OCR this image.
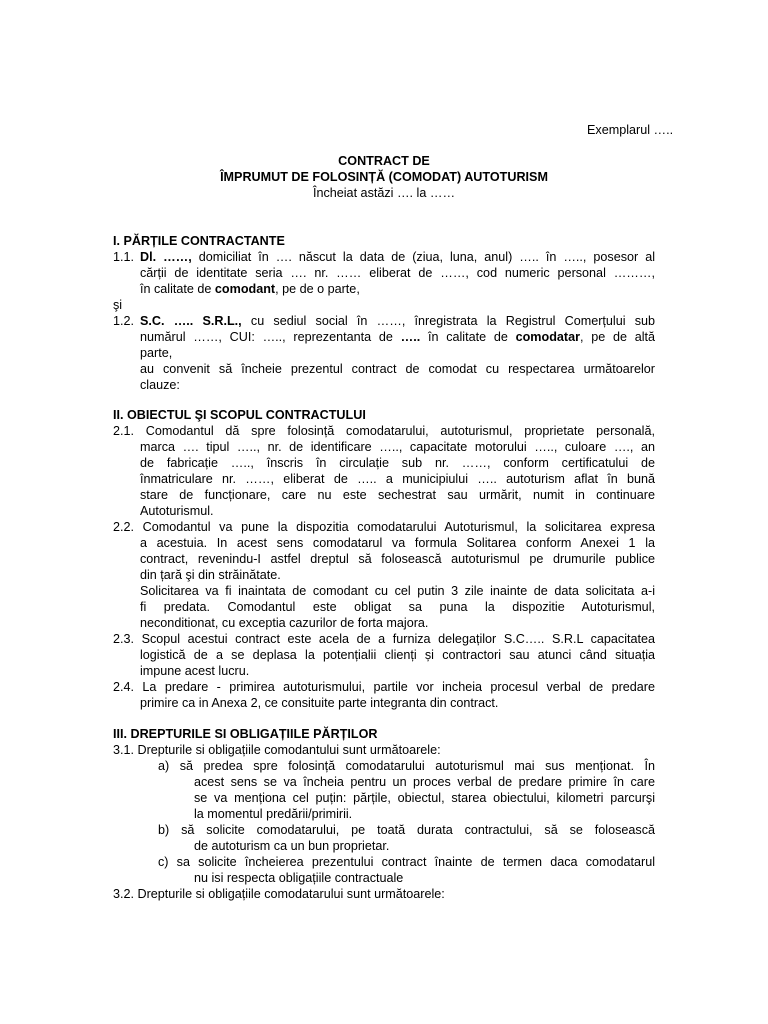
Exemplarul …..
CONTRACT DE
ÎMPRUMUT DE FOLOSINȚĂ (COMODAT) AUTOTURISM
Încheiat astăzi …. la ……
I. PĂRȚILE CONTRACTANTE
1.1. Dl. ……, domiciliat în …. născut la data de (ziua, luna, anul) ….. în ….., posesor al
cărții de identitate seria …. nr. …… eliberat de ……, cod numeric personal ………,
în calitate de comodant, pe de o parte,
şi
1.2. S.C. ….. S.R.L., cu sediul social în ……, înregistrata la Registrul Comerțului sub
numărul ……, CUI: ….., reprezentanta de ….. în calitate de comodatar, pe de altă
parte,
au convenit să încheie prezentul contract de comodat cu respectarea următoarelor
clauze:
II. OBIECTUL ŞI SCOPUL CONTRACTULUI
2.1. Comodantul dă spre folosință comodatarului, autoturismul, proprietate personală,
marca …. tipul ….., nr. de identificare ….., capacitate motorului ….., culoare …., an
de fabricație ….., înscris în circulație sub nr. ……, conform certificatului de
înmatriculare nr. ……, eliberat de ….. a municipiului ….. autoturism aflat în bună
stare de funcționare, care nu este sechestrat sau urmărit, numit in continuare
Autoturismul.
2.2. Comodantul va pune la dispozitia comodatarului Autoturismul, la solicitarea expresa
a acestuia. In acest sens comodatarul va formula Solitarea conform Anexei 1 la
contract, revenindu-I astfel dreptul să folosească autoturismul pe drumurile publice
din țară şi din străinătate.
Solicitarea va fi inaintata de comodant cu cel putin 3 zile inainte de data solicitata a-i
fi predata. Comodantul este obligat sa puna la dispozitie Autoturismul,
neconditionat, cu exceptia cazurilor de forta majora.
2.3. Scopul acestui contract este acela de a furniza delegaților S.C….. S.R.L capacitatea
logistică de a se deplasa la potențialii clienți și contractori sau atunci când situația
impune acest lucru.
2.4. La predare - primirea autoturismului, partile vor incheia procesul verbal de predare
primire ca in Anexa 2, ce consituite parte integranta din contract.
III. DREPTURILE SI OBLIGAȚIILE PĂRȚILOR
3.1. Drepturile si obligațiile comodantului sunt următoarele:
a) să predea spre folosință comodatarului autoturismul mai sus menționat. În
acest sens se va încheia pentru un proces verbal de predare primire în care
se va menționa cel puțin: părțile, obiectul, starea obiectului, kilometri parcurşi
la momentul predării/primirii.
b) să solicite comodatarului, pe toată durata contractului, să se folosească
de autoturism ca un bun proprietar.
c) sa solicite încheierea prezentului contract înainte de termen daca comodatarul
nu isi respecta obligațiile contractuale
3.2. Drepturile si obligațiile comodatarului sunt următoarele:
